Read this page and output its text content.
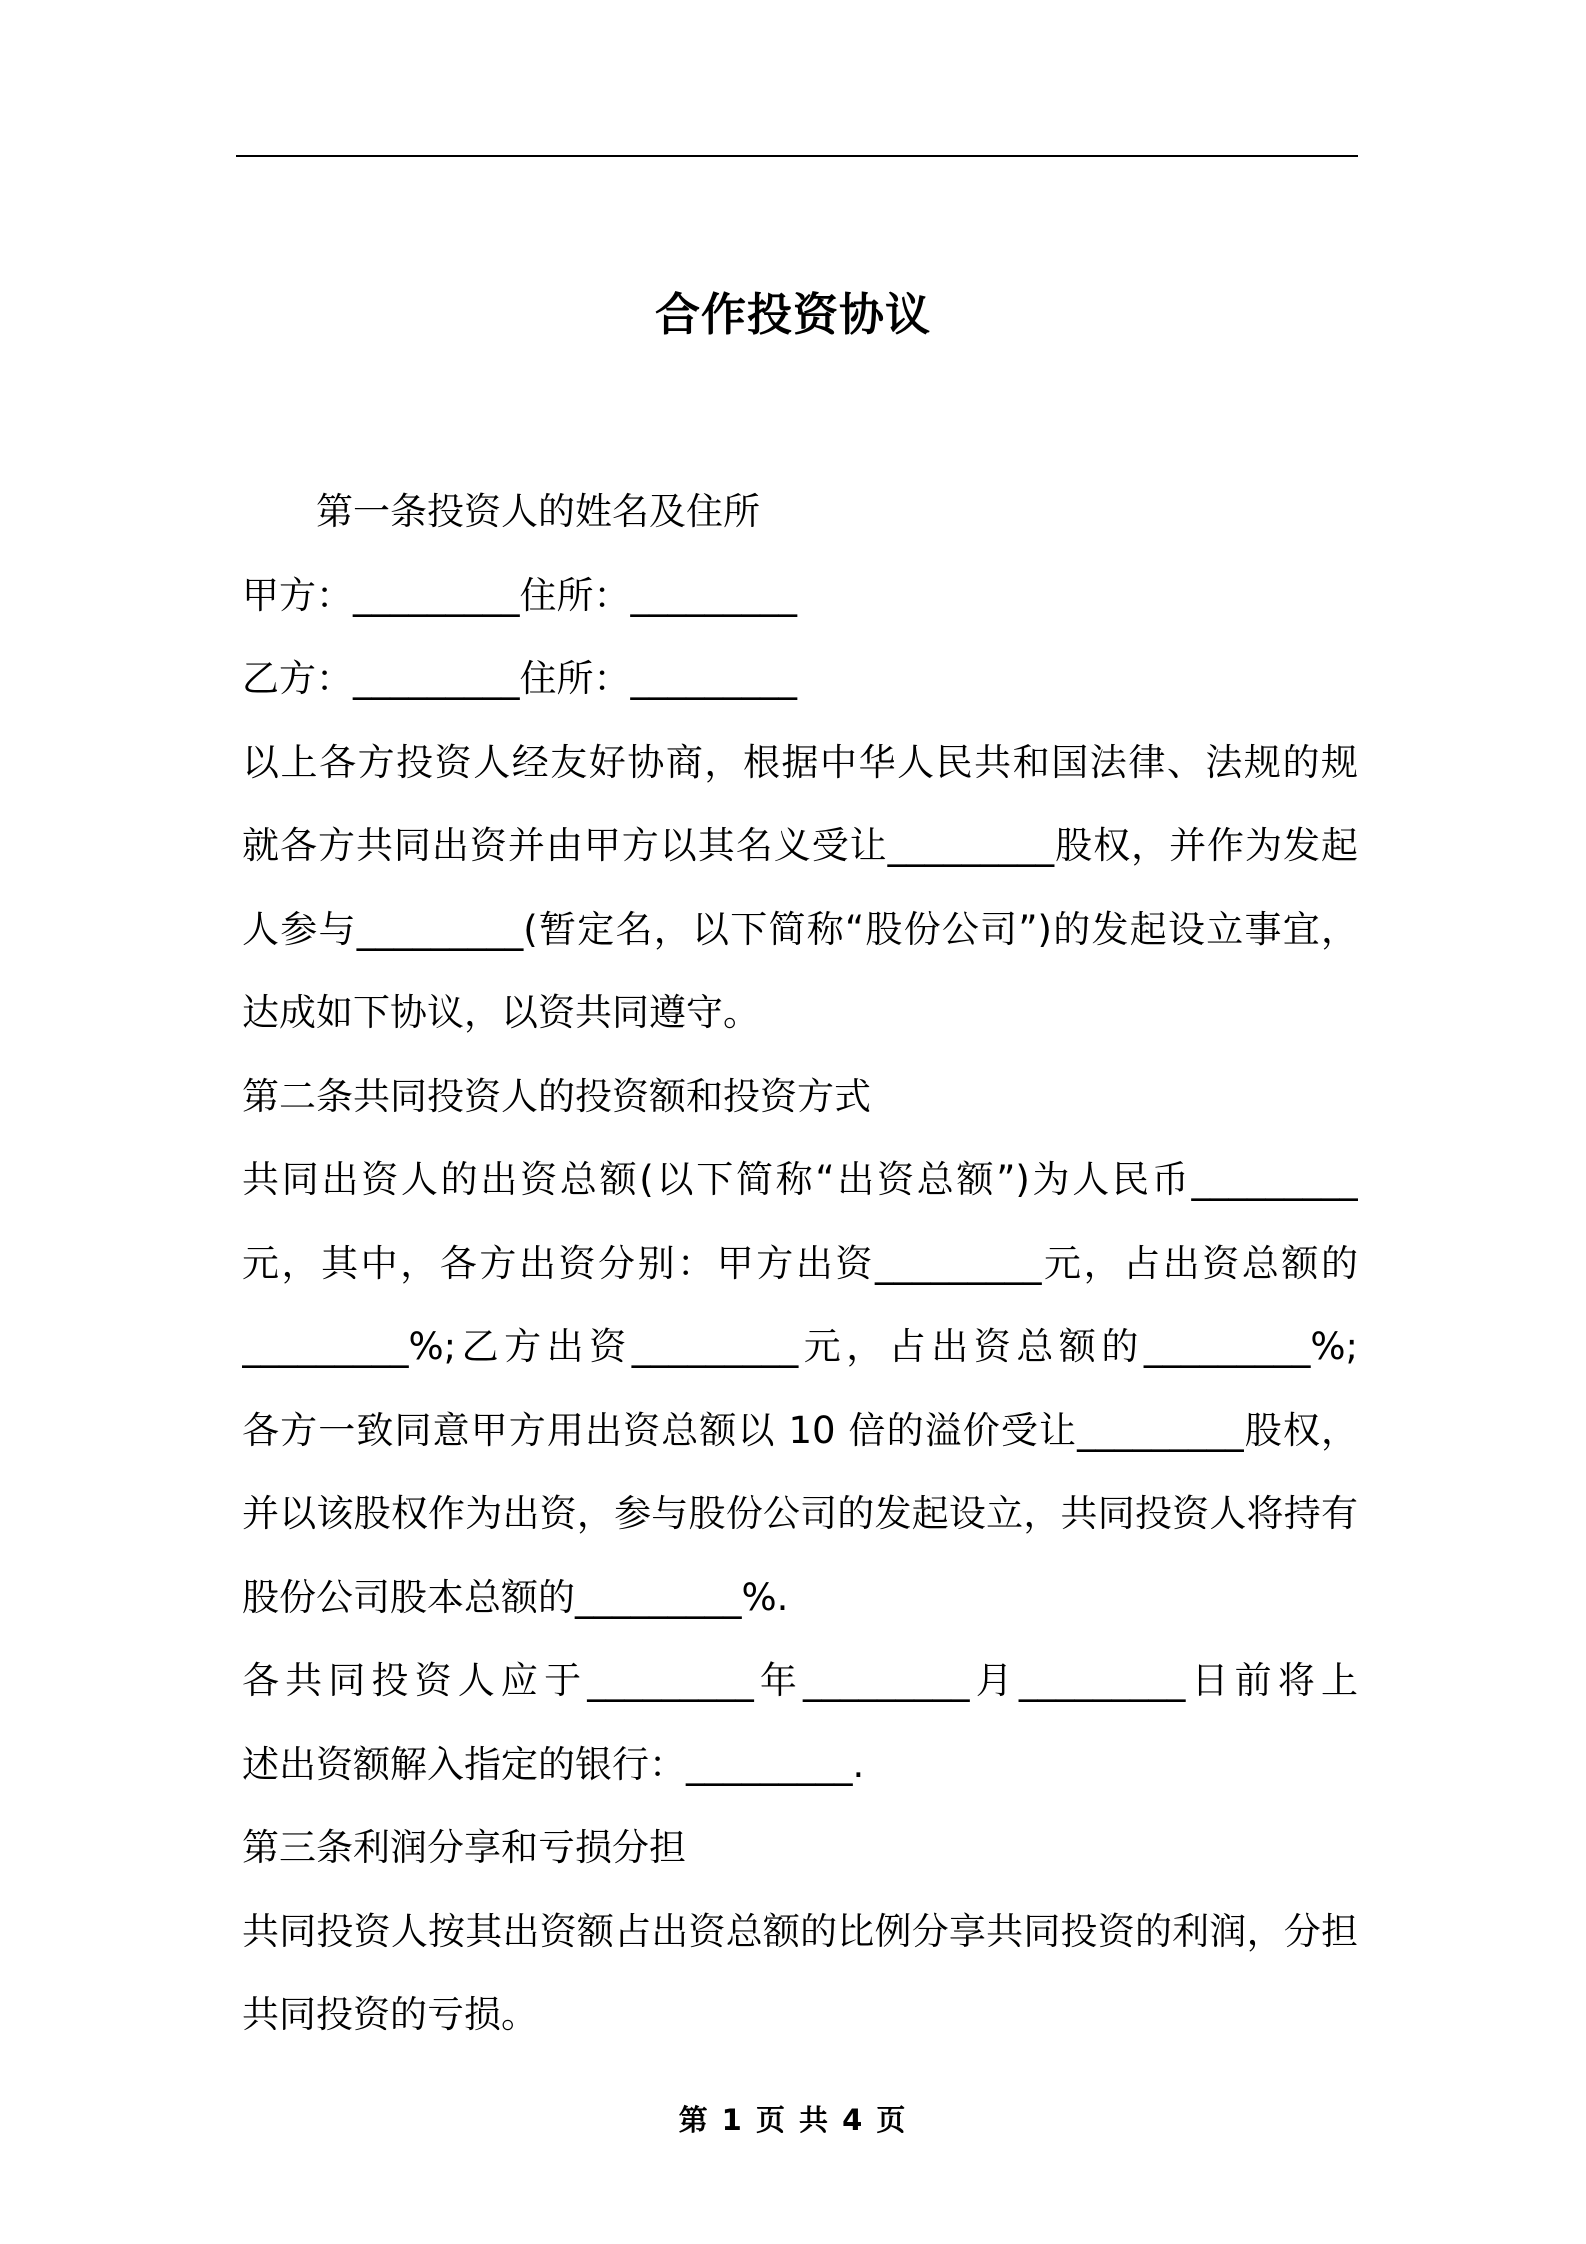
合作投资协议
第一条投资人的姓名及住所
甲方：_________住所：_________
乙方：_________住所：_________
以上各方投资人经友好协商，根据中华人民共和国法律、法规的规
就各方共同出资并由甲方以其名义受让_________股权，并作为发起
人参与_________(暂定名，以下简称“股份公司”)的发起设立事宜，
达成如下协议，以资共同遵守。
第二条共同投资人的投资额和投资方式
共同出资人的出资总额(以下简称“出资总额”)为人民币_________
元，其中，各方出资分别：甲方出资_________元，占出资总额的
_________%;乙方出资_________元，占出资总额的_________%;
各方一致同意甲方用出资总额以 10 倍的溢价受让_________股权，
并以该股权作为出资，参与股份公司的发起设立，共同投资人将持有
股份公司股本总额的_________%.
各共同投资人应于_________年_________月_________日前将上
述出资额解入指定的银行：_________.
第三条利润分享和亏损分担
共同投资人按其出资额占出资总额的比例分享共同投资的利润，分担
共同投资的亏损。
第 1 页 共 4 页
